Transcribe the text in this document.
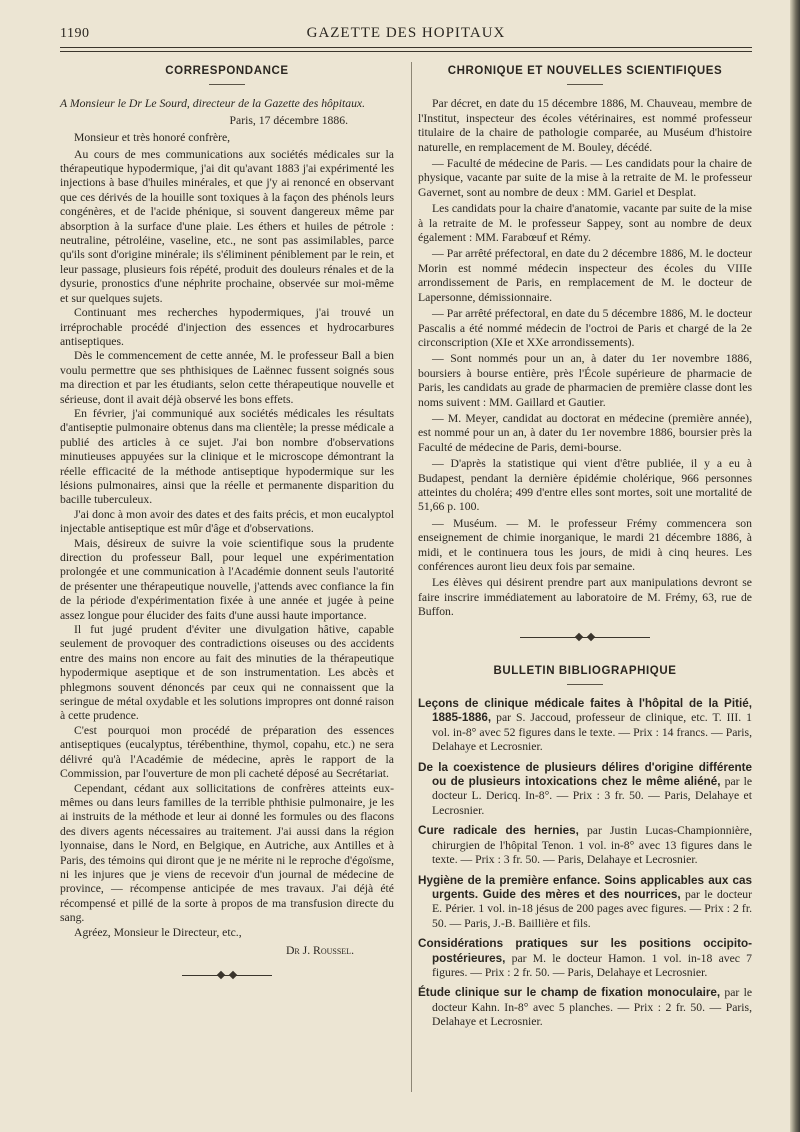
1190	GAZETTE DES HOPITAUX
CORRESPONDANCE

A Monsieur le Dr Le Sourd, directeur de la Gazette des hôpitaux.

Paris, 17 décembre 1886.

Monsieur et très honoré confrère,

Au cours de mes communications aux sociétés médicales sur la thérapeutique hypodermique, j'ai dit qu'avant 1883 j'ai expérimenté les injections à base d'huiles minérales, et que j'y ai renoncé en observant que ces dérivés de la houille sont toxiques à la façon des phénols leurs congénères, et de l'acide phénique, si souvent dangereux même par absorption à la surface d'une plaie. Les éthers et huiles de pétrole : neutraline, pétroléine, vaseline, etc., ne sont pas assimilables, parce qu'ils sont d'origine minérale; ils s'éliminent péniblement par le rein, et leur passage, plusieurs fois répété, produit des douleurs rénales et de la dysurie, pronostics d'une néphrite prochaine, observée sur moi-même et sur quelques sujets.

Continuant mes recherches hypodermiques, j'ai trouvé un irréprochable procédé d'injection des essences et hydrocarbures antiseptiques.

Dès le commencement de cette année, M. le professeur Ball a bien voulu permettre que ses phthisiques de Laënnec fussent soignés sous ma direction et par les étudiants, selon cette thérapeutique nouvelle et sérieuse, dont il avait déjà observé les bons effets.

En février, j'ai communiqué aux sociétés médicales les résultats d'antiseptie pulmonaire obtenus dans ma clientèle; la presse médicale a publié des articles à ce sujet. J'ai bon nombre d'observations minutieuses appuyées sur la clinique et le microscope démontrant la réelle efficacité de la méthode antiseptique hypodermique sur les lésions pulmonaires, ainsi que la réelle et permanente disparition du bacille tuberculeux.

J'ai donc à mon avoir des dates et des faits précis, et mon eucalyptol injectable antiseptique est mûr d'âge et d'observations.

Mais, désireux de suivre la voie scientifique sous la prudente direction du professeur Ball, pour lequel une expérimentation prolongée et une communication à l'Académie donnent seuls l'autorité de présenter une thérapeutique nouvelle, j'attends avec confiance la fin de la période d'expérimentation fixée à une année et jugée à peine assez longue pour élucider des faits d'une aussi haute importance.

Il fut jugé prudent d'éviter une divulgation hâtive, capable seulement de provoquer des contradictions oiseuses ou des accidents entre des mains non encore au fait des minuties de la thérapeutique hypodermique aseptique et de son instrumentation. Les abcès et phlegmons souvent dénoncés par ceux qui ne connaissent que la seringue de métal oxydable et les solutions impropres ont donné raison à cette prudence.

C'est pourquoi mon procédé de préparation des essences antiseptiques (eucalyptus, térébenthine, thymol, copahu, etc.) ne sera délivré qu'à l'Académie de médecine, après le rapport de la Commission, par l'ouverture de mon pli cacheté déposé au Secrétariat.

Cependant, cédant aux sollicitations de confrères atteints eux-mêmes ou dans leurs familles de la terrible phthisie pulmonaire, je les ai instruits de la méthode et leur ai donné les formules ou des flacons des divers agents nécessaires au traitement. J'ai aussi dans la région lyonnaise, dans le Nord, en Belgique, en Autriche, aux Antilles et à Paris, des témoins qui diront que je ne mérite ni le reproche d'égoïsme, ni les injures que je viens de recevoir d'un journal de médecine de province, — récompense anticipée de mes travaux. J'ai déjà été récompensé et pillé de la sorte à propos de ma transfusion directe du sang.

Agréez, Monsieur le Directeur, etc.,

Dr J. Roussel.

CHRONIQUE ET NOUVELLES SCIENTIFIQUES

Par décret, en date du 15 décembre 1886, M. Chauveau, membre de l'Institut, inspecteur des écoles vétérinaires, est nommé professeur titulaire de la chaire de pathologie comparée, au Muséum d'histoire naturelle, en remplacement de M. Bouley, décédé.

— Faculté de médecine de Paris. — Les candidats pour la chaire de physique, vacante par suite de la mise à la retraite de M. le professeur Gavernet, sont au nombre de deux : MM. Gariel et Desplat.

Les candidats pour la chaire d'anatomie, vacante par suite de la mise à la retraite de M. le professeur Sappey, sont au nombre de deux également : MM. Farabœuf et Rémy.

— Par arrêté préfectoral, en date du 2 décembre 1886, M. le docteur Morin est nommé médecin inspecteur des écoles du VIIIe arrondissement de Paris, en remplacement de M. le docteur de Lapersonne, démissionnaire.

— Par arrêté préfectoral, en date du 5 décembre 1886, M. le docteur Pascalis a été nommé médecin de l'octroi de Paris et chargé de la 2e circonscription (XIe et XXe arrondissements).

— Sont nommés pour un an, à dater du 1er novembre 1886, boursiers à bourse entière, près l'École supérieure de pharmacie de Paris, les candidats au grade de pharmacien de première classe dont les noms suivent : MM. Gaillard et Gautier.

— M. Meyer, candidat au doctorat en médecine (première année), est nommé pour un an, à dater du 1er novembre 1886, boursier près la Faculté de médecine de Paris, demi-bourse.

— D'après la statistique qui vient d'être publiée, il y a eu à Budapest, pendant la dernière épidémie cholérique, 966 personnes atteintes du choléra; 499 d'entre elles sont mortes, soit une mortalité de 51,66 p. 100.

— Muséum. — M. le professeur Frémy commencera son enseignement de chimie inorganique, le mardi 21 décembre 1886, à midi, et le continuera tous les jours, de midi à cinq heures. Les conférences auront lieu deux fois par semaine.

Les élèves qui désirent prendre part aux manipulations devront se faire inscrire immédiatement au laboratoire de M. Frémy, 63, rue de Buffon.

BULLETIN BIBLIOGRAPHIQUE

Leçons de clinique médicale faites à l'hôpital de la Pitié, 1885-1886, par S. Jaccoud, professeur de clinique, etc. T. III. 1 vol. in-8° avec 52 figures dans le texte. — Prix : 14 francs. — Paris, Delahaye et Lecrosnier.

De la coexistence de plusieurs délires d'origine différente ou de plusieurs intoxications chez le même aliéné, par le docteur L. Dericq. In-8°. — Prix : 3 fr. 50. — Paris, Delahaye et Lecrosnier.

Cure radicale des hernies, par Justin Lucas-Championnière, chirurgien de l'hôpital Tenon. 1 vol. in-8° avec 13 figures dans le texte. — Prix : 3 fr. 50. — Paris, Delahaye et Lecrosnier.

Hygiène de la première enfance. Soins applicables aux cas urgents. Guide des mères et des nourrices, par le docteur E. Périer. 1 vol. in-18 jésus de 200 pages avec figures. — Prix : 2 fr. 50. — Paris, J.-B. Baillière et fils.

Considérations pratiques sur les positions occipito-postérieures, par M. le docteur Hamon. 1 vol. in-18 avec 7 figures. — Prix : 2 fr. 50. — Paris, Delahaye et Lecrosnier.

Étude clinique sur le champ de fixation monoculaire, par le docteur Kahn. In-8° avec 5 planches. — Prix : 2 fr. 50. — Paris, Delahaye et Lecrosnier.
